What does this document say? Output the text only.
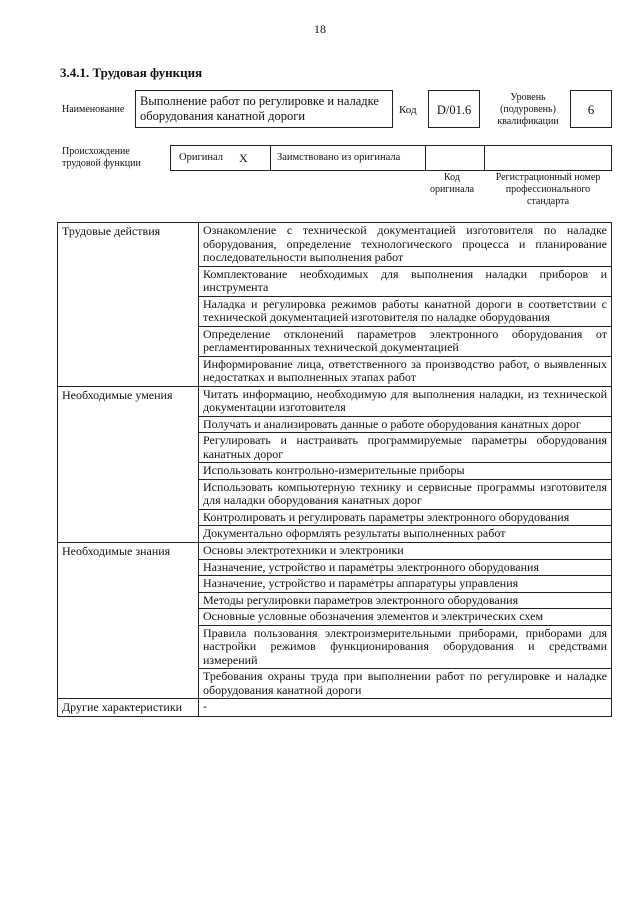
18
3.4.1. Трудовая функция
Наименование
Выполнение работ по регулировке и наладке оборудования канатной дороги	Код	D/01.6
Уровень (подуровень) квалификации
6
Происхождение трудовой функции
Оригинал X	Заимствовано из оригинала
Код оригинала
Регистрационный номер профессионального стандарта
Трудовые действия	Ознакомление с технической документацией изготовителя по наладке оборудования, определение технологического процесса и планирование последовательности выполнения работ
	Комплектование необходимых для выполнения наладки приборов и инструмента
	Наладка и регулировка режимов работы канатной дороги в соответствии с технической документацией изготовителя по наладке оборудования
	Определение отклонений параметров электронного оборудования от регламентированных технической документацией
	Информирование лица, ответственного за производство работ, о выявленных недостатках и выполненных этапах работ
Необходимые умения	Читать информацию, необходимую для выполнения наладки, из технической документации изготовителя
	Получать и анализировать данные о работе оборудования канатных дорог
	Регулировать и настраивать программируемые параметры оборудования канатных дорог
	Использовать контрольно-измерительные приборы
	Использовать компьютерную технику и сервисные программы изготовителя для наладки оборудования канатных дорог
	Контролировать и регулировать параметры электронного оборудования
	Документально оформлять результаты выполненных работ
Необходимые знания	Основы электротехники и электроники
	Назначение, устройство и параметры электронного оборудования
	Назначение, устройство и параметры аппаратуры управления
	Методы регулировки параметров электронного оборудования
	Основные условные обозначения элементов и электрических схем
	Правила пользования электроизмерительными приборами, приборами для настройки режимов функционирования оборудования и средствами измерений
	Требования охраны труда при выполнении работ по регулировке и наладке оборудования канатной дороги
Другие характеристики	-
